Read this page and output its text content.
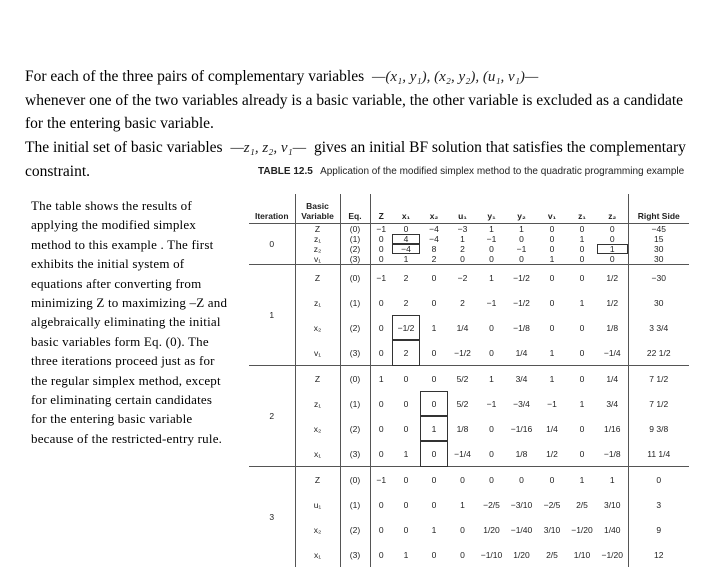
For each of the three pairs of complementary variables —(x₁, y₁), (x₂, y₂), (u₁, v₁)—
whenever one of the two variables already is a basic variable, the other variable is excluded as a candidate for the entering basic variable.
The initial set of basic variables —z₁, z₂, v₁— gives an initial BF solution that satisfies the complementary constraint.
The table shows the results of applying the modified simplex method to this example . The first exhibits the initial system of equations after converting from minimizing Z to maximizing –Z and algebraically eliminating the initial basic variables form Eq. (0). The three iterations proceed just as for the regular simplex method, except for eliminating certain candidates for the entering basic variable because of the restricted-entry rule.
TABLE 12.5 Application of the modified simplex method to the quadratic programming example
Iteration	Basic Variable	Eq.	Z	x₁	x₂	u₁	y₁	y₂	v₁	z₁	z₂	Right Side
0	Z	(0)	−1	0	−4	−3	1	1	0	0	0	−45
	z₁	(1)	0	4	−4	1	−1	0	0	1	0	15
	z₂	(2)	0	−4	8	2	0	−1	0	0	1	30
	v₁	(3)	0	1	2	0	0	0	1	0	0	30
1	Z	(0)	−1	2	0	−2	1	−1/2	0	0	1/2	−30
	z₁	(1)	0	2	0	2	−1	−1/2	0	1	1/2	30
	x₂	(2)	0	−1/2	1	1/4	0	−1/8	0	0	1/8	3 3/4
	v₁	(3)	0	2	0	−1/2	0	1/4	1	0	−1/4	22 1/2
2	Z	(0)	1	0	0	5/2	1	3/4	1	0	1/4	7 1/2
	z₁	(1)	0	0	0	5/2	−1	−3/4	−1	1	3/4	7 1/2
	x₂	(2)	0	0	1	1/8	0	−1/16	1/4	0	1/16	9 3/8
	x₁	(3)	0	1	0	−1/4	0	1/8	1/2	0	−1/8	11 1/4
3	Z	(0)	−1	0	0	0	0	0	0	1	1	0
	u₁	(1)	0	0	0	1	−2/5	−3/10	−2/5	2/5	3/10	3
	x₂	(2)	0	0	1	0	1/20	−1/40	3/10	−1/20	1/40	9
	x₁	(3)	0	1	0	0	−1/10	1/20	2/5	1/10	−1/20	12
